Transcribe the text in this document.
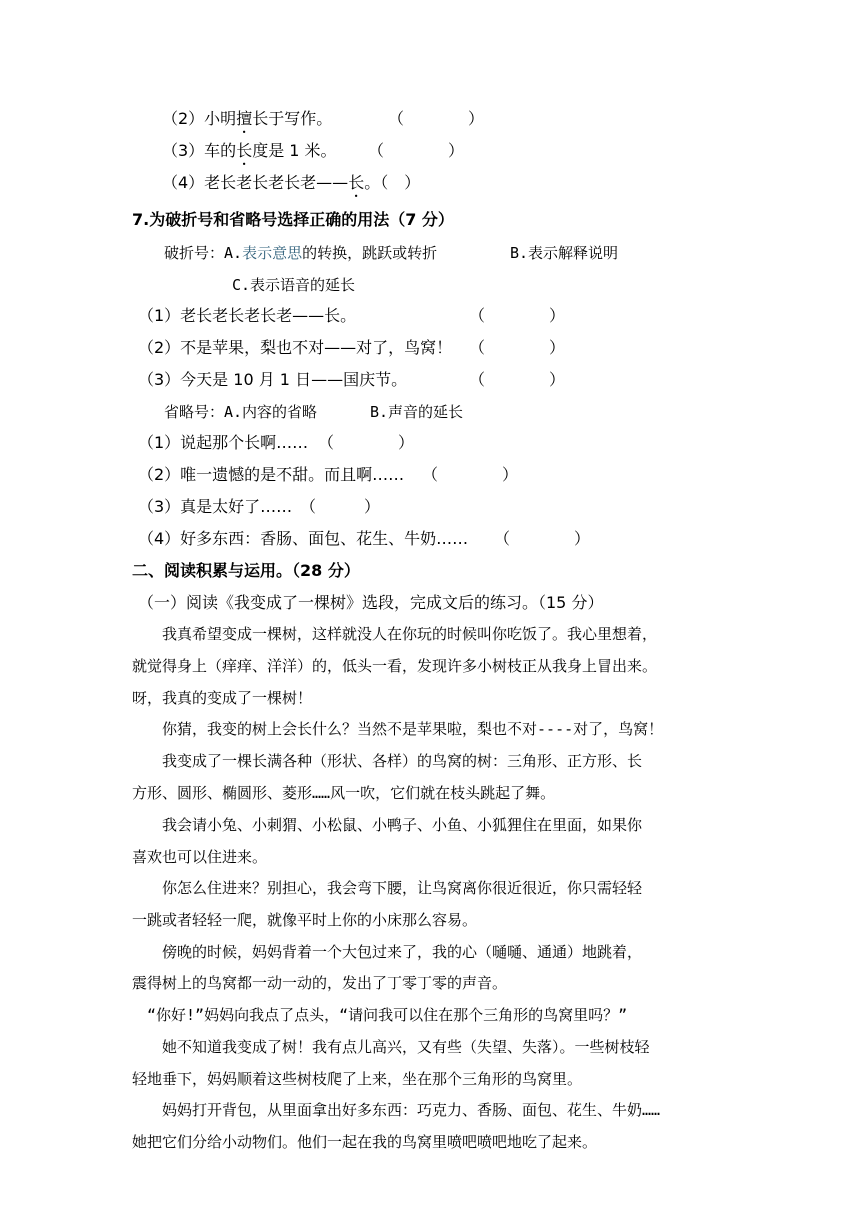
（2）小明擅长于写作。	（　　　　）
（3）车的长度是 1 米。 （　　　　）
（4）老长老长老长老——长。（　）
7.为破折号和省略号选择正确的用法（7 分）
破折号：A.表示意思的转换，跳跃或转折	B.表示解释说明
C.表示语音的延长
（1）老长老长老长老——长。	（　　　　）
（2）不是苹果，梨也不对——对了，鸟窝！ （　　　　）
（3）今天是 10 月 1 日——国庆节。	（　　　　）
省略号：A.内容的省略	B.声音的延长
（1）说起那个长啊…… （　　　　）
（2）唯一遗憾的是不甜。而且啊…… （　　　　）
（3）真是太好了…… （　　　）
（4）好多东西：香肠、面包、花生、牛奶…… （　　　　）
二、阅读积累与运用。（28 分）
（一）阅读《我变成了一棵树》选段，完成文后的练习。（15 分）
　　我真希望变成一棵树，这样就没人在你玩的时候叫你吃饭了。我心里想着，
就觉得身上（痒痒、洋洋）的，低头一看，发现许多小树枝正从我身上冒出来。
呀，我真的变成了一棵树！
　　你猜，我变的树上会长什么？当然不是苹果啦，梨也不对----对了，鸟窝！
　　我变成了一棵长满各种（形状、各样）的鸟窝的树：三角形、正方形、长
方形、圆形、椭圆形、菱形……风一吹，它们就在枝头跳起了舞。
　　我会请小兔、小刺猬、小松鼠、小鸭子、小鱼、小狐狸住在里面，如果你
喜欢也可以住进来。
　　你怎么住进来？别担心，我会弯下腰，让鸟窝离你很近很近，你只需轻轻
一跳或者轻轻一爬，就像平时上你的小床那么容易。
　　傍晚的时候，妈妈背着一个大包过来了，我的心（嗵嗵、通通）地跳着，
震得树上的鸟窝都一动一动的，发出了丁零丁零的声音。
　“你好!”妈妈向我点了点头，“请问我可以住在那个三角形的鸟窝里吗？”
　　她不知道我变成了树！我有点儿高兴，又有些（失望、失落）。一些树枝轻
轻地垂下，妈妈顺着这些树枝爬了上来，坐在那个三角形的鸟窝里。
　　妈妈打开背包，从里面拿出好多东西：巧克力、香肠、面包、花生、牛奶……
她把它们分给小动物们。他们一起在我的鸟窝里喷吧喷吧地吃了起来。
